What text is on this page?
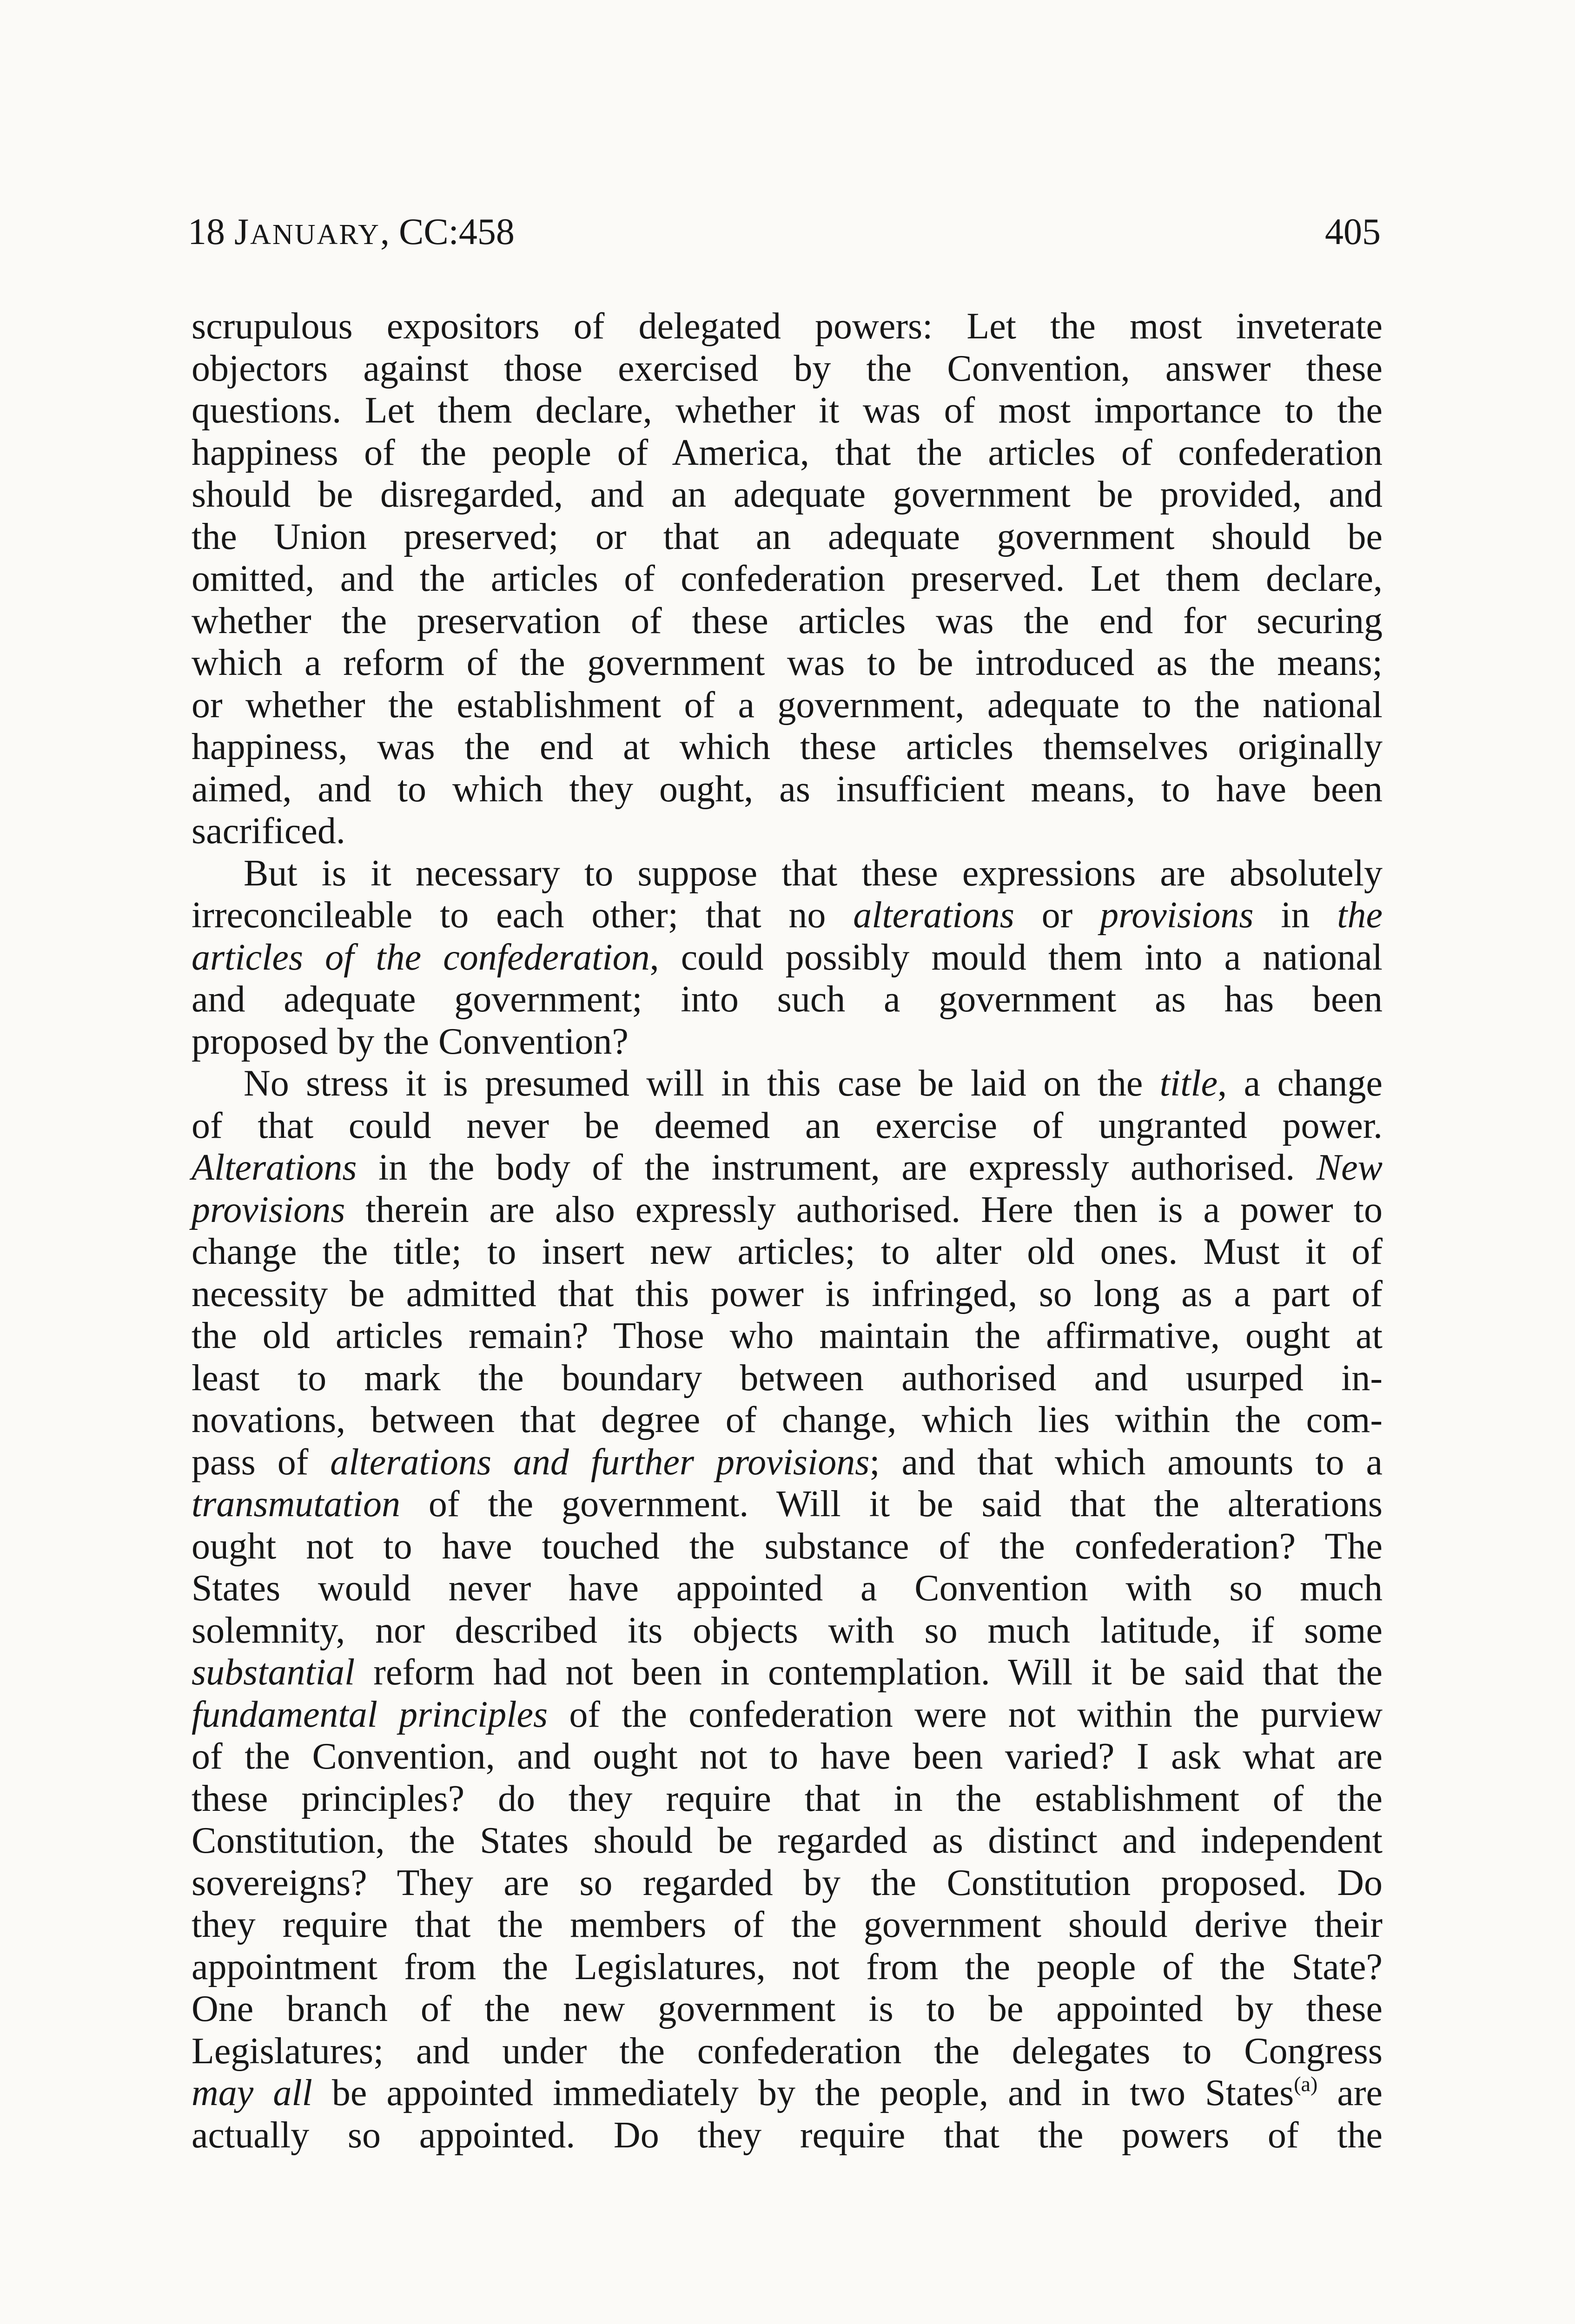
18 JANUARY, CC:458	405
scrupulous expositors of delegated powers: Let the most inveterate
objectors against those exercised by the Convention, answer these
questions. Let them declare, whether it was of most importance to the
happiness of the people of America, that the articles of confederation
should be disregarded, and an adequate government be provided, and
the Union preserved; or that an adequate government should be
omitted, and the articles of confederation preserved. Let them declare,
whether the preservation of these articles was the end for securing
which a reform of the government was to be introduced as the means;
or whether the establishment of a government, adequate to the national
happiness, was the end at which these articles themselves originally
aimed, and to which they ought, as insufficient means, to have been
sacrificed.
But is it necessary to suppose that these expressions are absolutely
irreconcileable to each other; that no alterations or provisions in the
articles of the confederation, could possibly mould them into a national
and adequate government; into such a government as has been
proposed by the Convention?
No stress it is presumed will in this case be laid on the title, a change
of that could never be deemed an exercise of ungranted power.
Alterations in the body of the instrument, are expressly authorised. New
provisions therein are also expressly authorised. Here then is a power to
change the title; to insert new articles; to alter old ones. Must it of
necessity be admitted that this power is infringed, so long as a part of
the old articles remain? Those who maintain the affirmative, ought at
least to mark the boundary between authorised and usurped in-
novations, between that degree of change, which lies within the com-
pass of alterations and further provisions; and that which amounts to a
transmutation of the government. Will it be said that the alterations
ought not to have touched the substance of the confederation? The
States would never have appointed a Convention with so much
solemnity, nor described its objects with so much latitude, if some
substantial reform had not been in contemplation. Will it be said that the
fundamental principles of the confederation were not within the purview
of the Convention, and ought not to have been varied? I ask what are
these principles? do they require that in the establishment of the
Constitution, the States should be regarded as distinct and independent
sovereigns? They are so regarded by the Constitution proposed. Do
they require that the members of the government should derive their
appointment from the Legislatures, not from the people of the State?
One branch of the new government is to be appointed by these
Legislatures; and under the confederation the delegates to Congress
may all be appointed immediately by the people, and in two States$^{(a)}$ are
actually so appointed. Do they require that the powers of the
